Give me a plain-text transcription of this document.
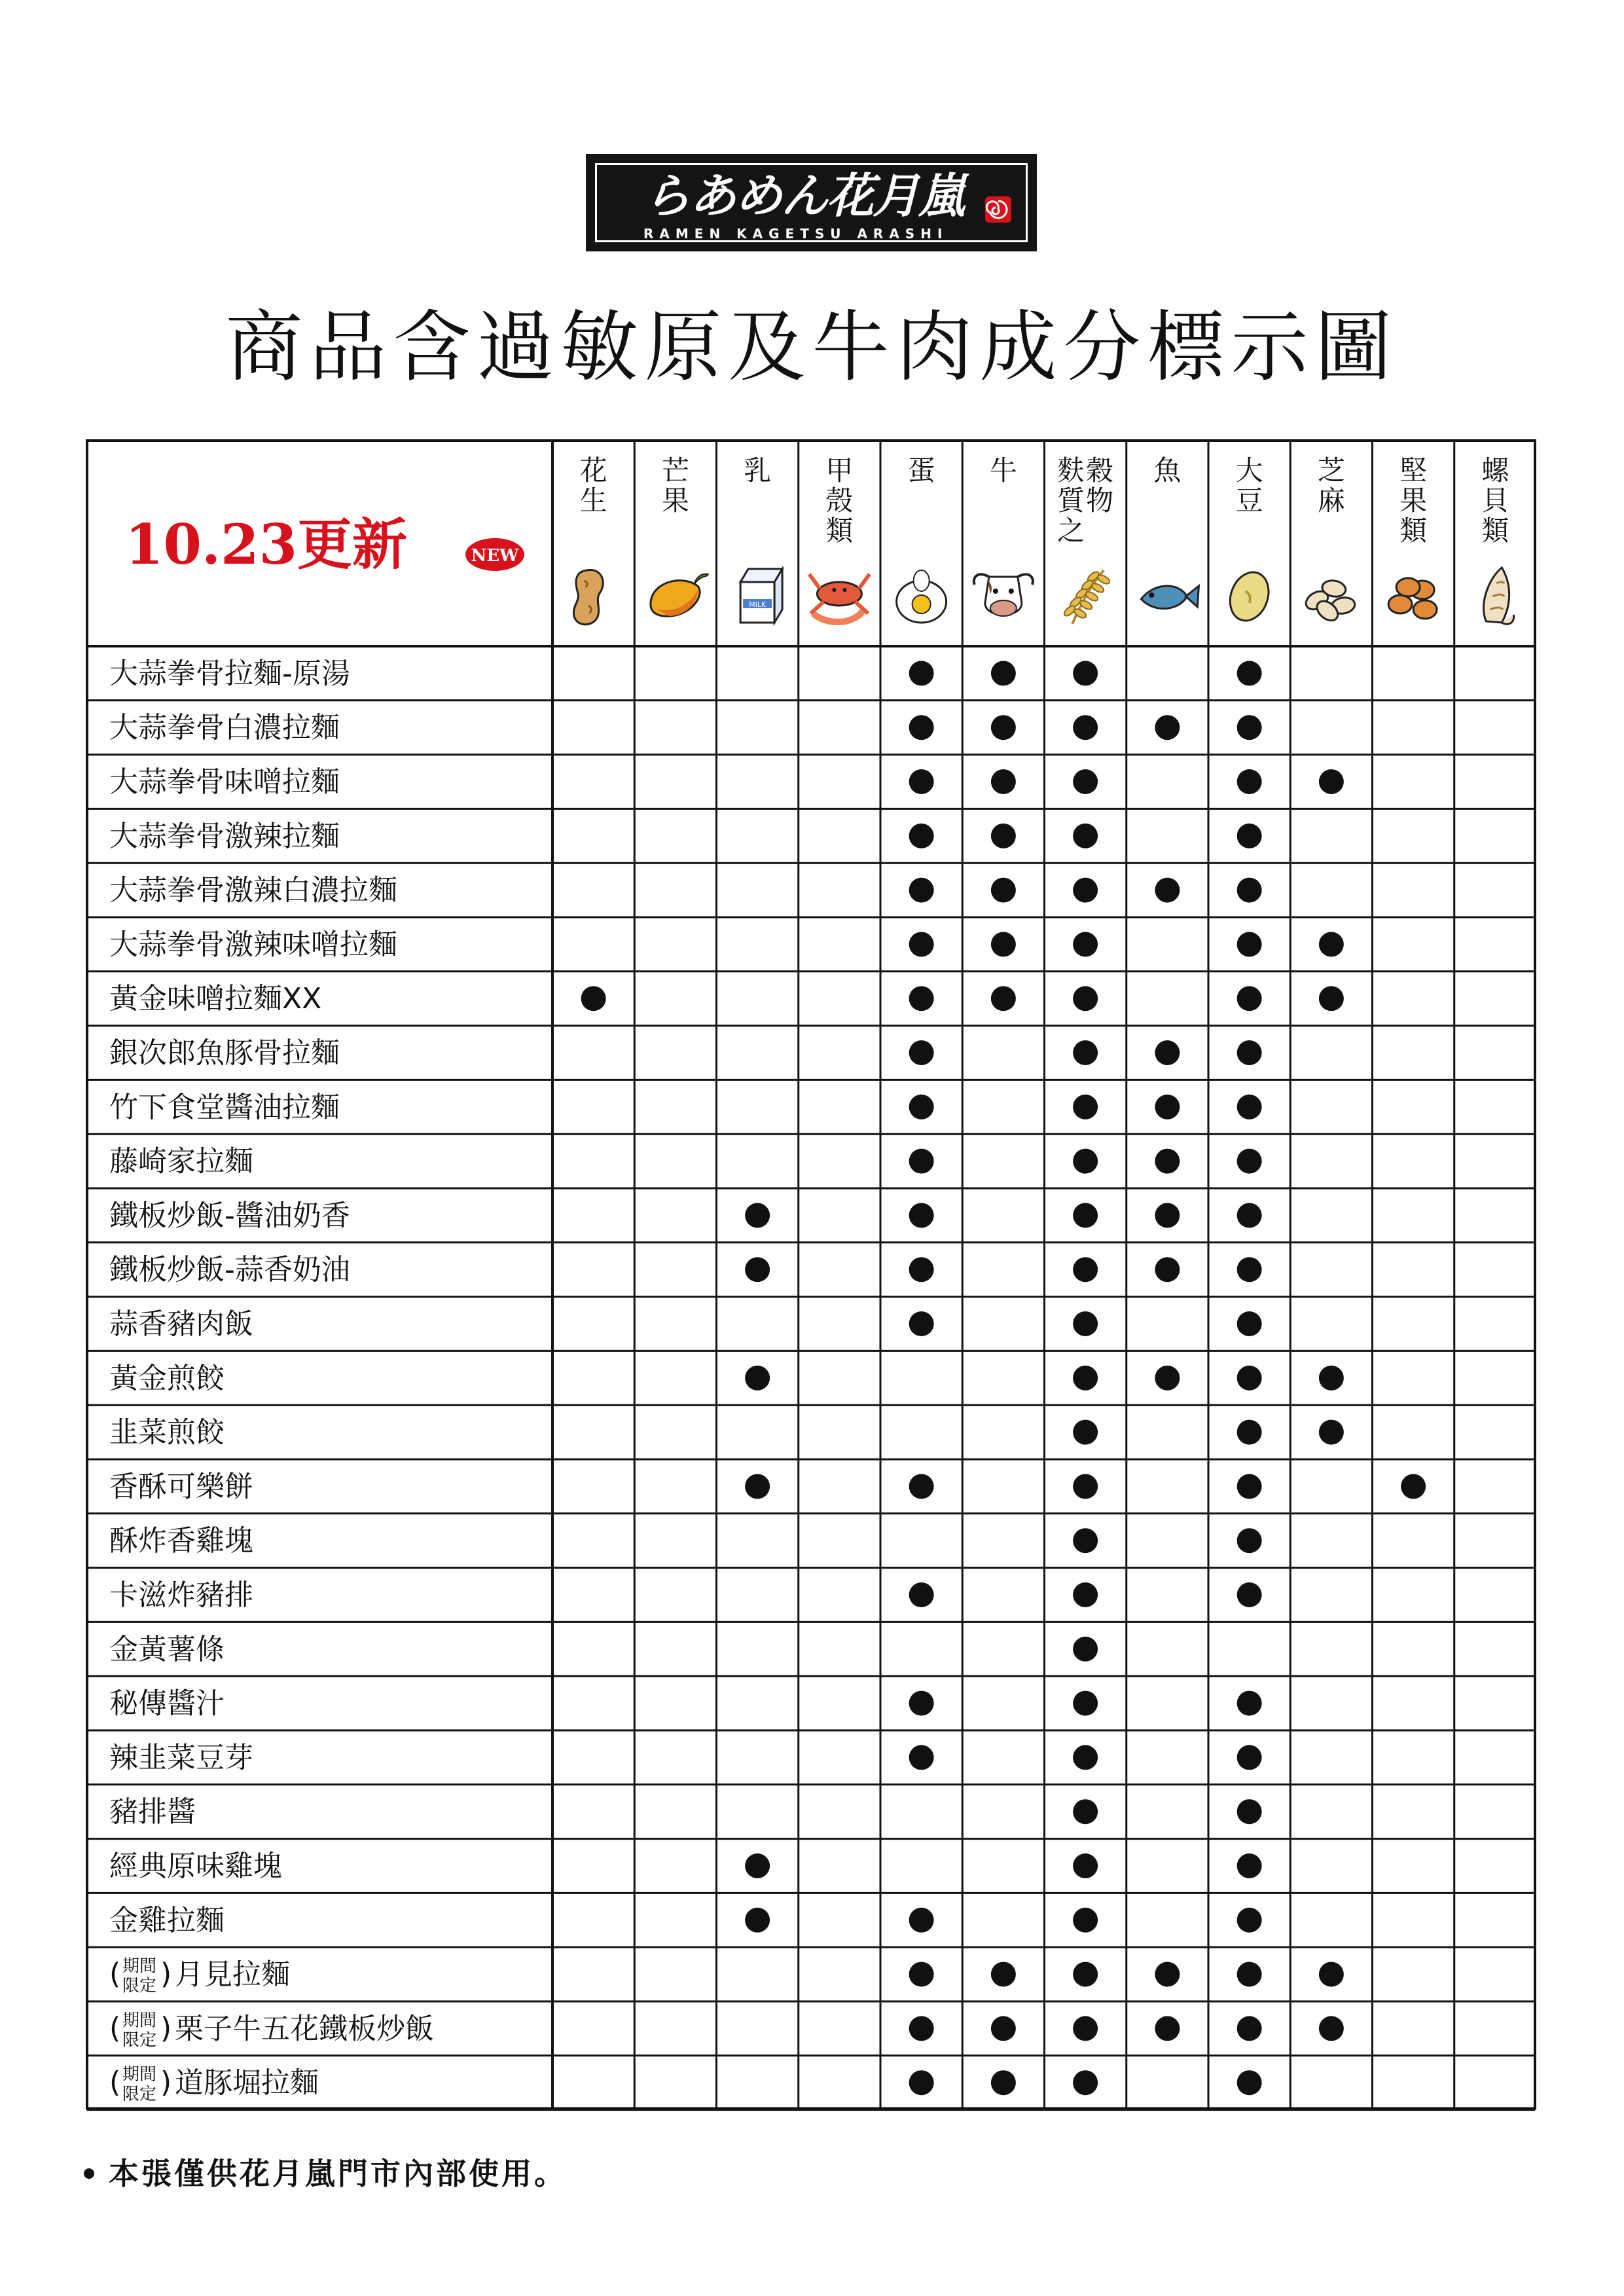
らあめん花月嵐
RAMEN KAGETSU ARASHI
商品含過敏原及牛肉成分標示圖
花
生
芒
果
乳 甲
殼
類
蛋 牛 麩
質
之
穀
物
魚 大
豆
芝
麻
堅
果
類
螺
貝
類
MILK
大蒜拳骨拉麵-原湯
大蒜拳骨白濃拉麵
大蒜拳骨味噌拉麵
大蒜拳骨激辣拉麵
大蒜拳骨激辣白濃拉麵
大蒜拳骨激辣味噌拉麵
黃金味噌拉麵XX
銀次郎魚豚骨拉麵
竹下食堂醬油拉麵
藤崎家拉麵
鐵板炒飯-醬油奶香
鐵板炒飯-蒜香奶油
蒜香豬肉飯
黃金煎餃
韭菜煎餃
香酥可樂餅
酥炸香雞塊
卡滋炸豬排
金黃薯條
秘傳醬汁
辣韭菜豆芽
豬排醬
經典原味雞塊
金雞拉麵
( 期間
限定 ) 月見拉麵
( 期間
限定 ) 栗子牛五花鐵板炒飯
( 期間
限定 ) 道豚堀拉麵
10.23更新	NEW
本張僅供花月嵐門市內部使用。
